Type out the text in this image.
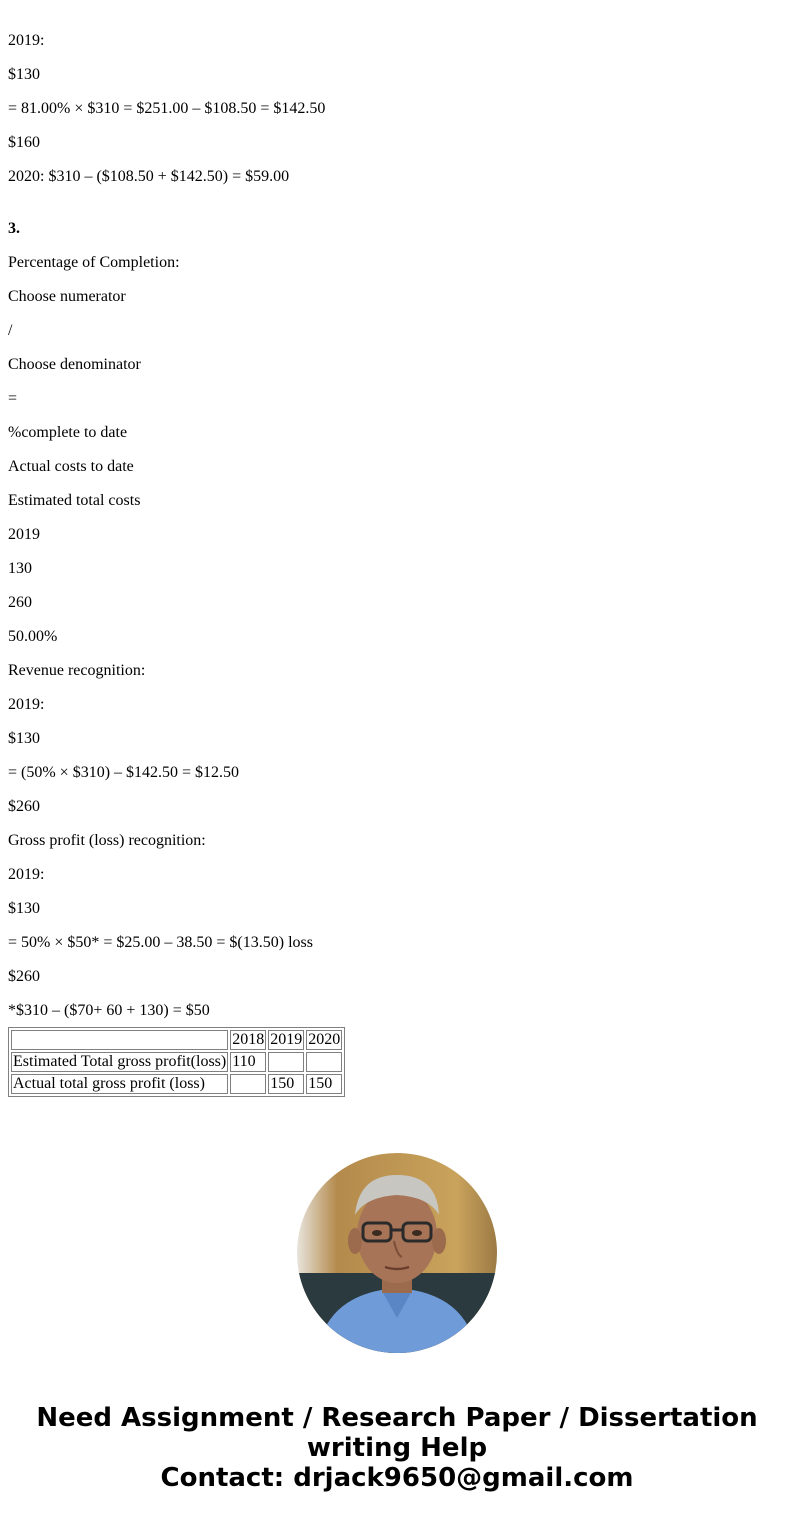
2019:

$130

= 81.00% × $310 = $251.00 – $108.50 = $142.50

$160

2020: $310 – ($108.50 + $142.50) = $59.00

3.

Percentage of Completion:

Choose numerator

/

Choose denominator

=

%complete to date

Actual costs to date

Estimated total costs

2019

130

260

50.00%

Revenue recognition:

2019:

$130

= (50% × $310) – $142.50 = $12.50

$260

Gross profit (loss) recognition:

2019:

$130

= 50% × $50* = $25.00 – 38.50 = $(13.50) loss

$260

*$310 – ($70+ 60 + 130) = $50

	2018	2019	2020
Estimated Total gross profit(loss)	110		
Actual total gross profit (loss)		150	150
Need Assignment / Research Paper / Dissertation
writing Help
Contact: drjack9650@gmail.com
